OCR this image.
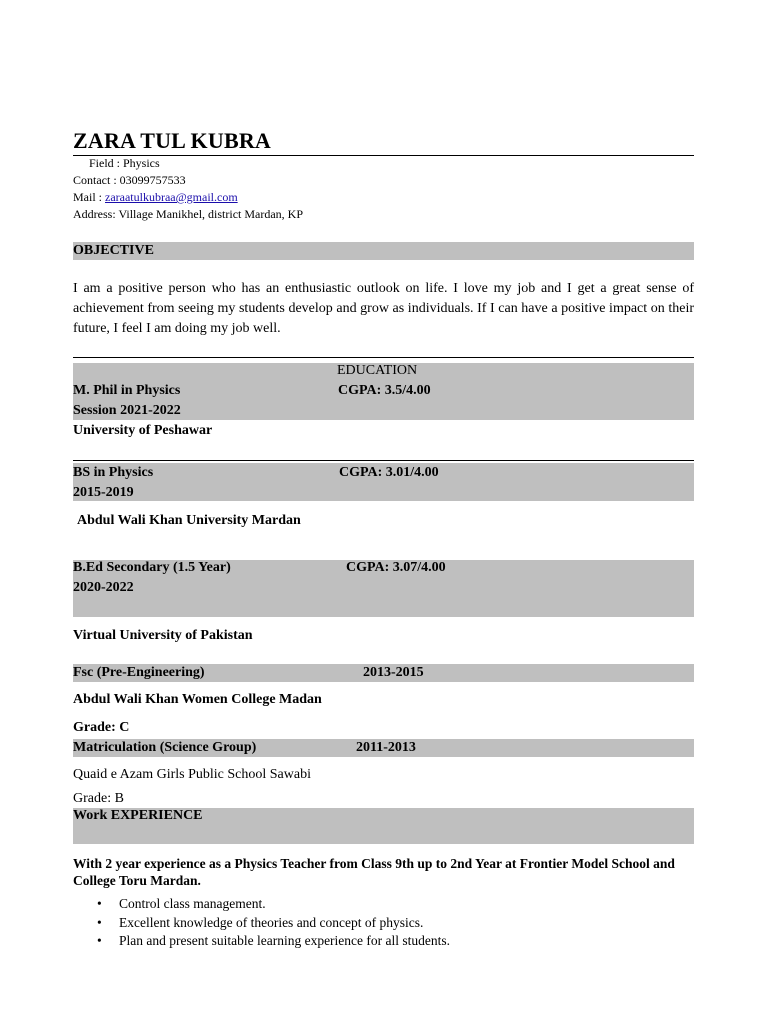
ZARA TUL KUBRA
Field : Physics
Contact : 03099757533
Mail : zaraatulkubraa@gmail.com
Address: Village Manikhel, district Mardan, KP
OBJECTIVE
I am a positive person who has an enthusiastic outlook on life. I love my job and I get a great sense of achievement from seeing my students develop and grow as individuals. If I can have a positive impact on their future, I feel I am doing my job well.
EDUCATION
M. Phil in Physics	CGPA: 3.5/4.00
Session 2021-2022
University of Peshawar
BS in Physics	CGPA: 3.01/4.00
2015-2019
Abdul Wali Khan University Mardan
B.Ed Secondary (1.5 Year)	CGPA: 3.07/4.00
2020-2022
Virtual University of Pakistan
Fsc (Pre-Engineering)	2013-2015
Abdul Wali Khan Women College Madan
Grade: C
Matriculation (Science Group)	2011-2013
Quaid e Azam Girls Public School Sawabi
Grade: B
Work EXPERIENCE
With 2 year experience as a Physics Teacher from Class 9th up to 2nd Year at Frontier Model School and College Toru Mardan.
• Control class management.
• Excellent knowledge of theories and concept of physics.
• Plan and present suitable learning experience for all students.
